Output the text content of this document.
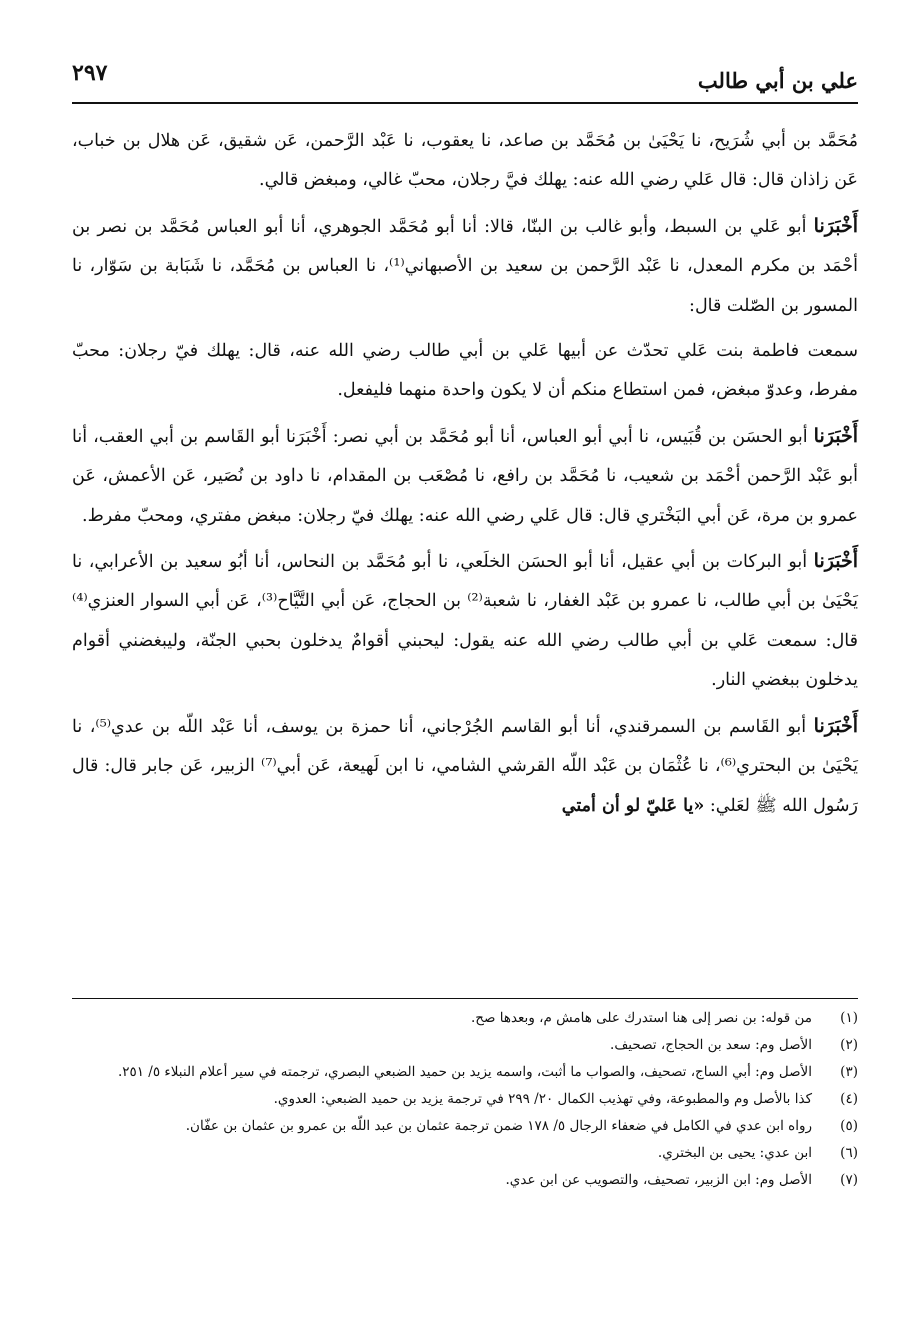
علي بن أبي طالب
٢٩٧

مُحَمَّد بن أبي شُرَيح، نا يَحْيَىٰ بن مُحَمَّد بن صاعد، نا يعقوب، نا عَبْد الرَّحمن، عَن شقيق، عَن هلال بن خباب، عَن زاذان قال: قال عَلي رضي الله عنه: يهلك فيَّ رجلان، محبّ غالي، ومبغض قالي.

أَخْبَرَنا أبو عَلي بن السبط، وأبو غالب بن البنّا، قالا: أنا أبو مُحَمَّد الجوهري، أنا أبو العباس مُحَمَّد بن نصر بن أحْمَد بن مكرم المعدل، نا عَبْد الرَّحمن بن سعيد بن الأصبهاني⁽¹⁾، نا العباس بن مُحَمَّد، نا شَبَابة بن سَوّار، نا المسور بن الصّلت قال:

سمعت فاطمة بنت عَلي تحدّث عن أبيها عَلي بن أبي طالب رضي الله عنه، قال: يهلك فيّ رجلان: محبّ مفرط، وعدوّ مبغض، فمن استطاع منكم أن لا يكون واحدة منهما فليفعل.

أَخْبَرَنا أبو الحسَن بن قُبَيس، نا أبي أبو العباس، أنا أبو مُحَمَّد بن أبي نصر: أَخْبَرَنا أبو القَاسم بن أبي العقب، أنا أبو عَبْد الرَّحمن أحْمَد بن شعيب، نا مُحَمَّد بن رافع، نا مُصْعَب بن المقدام، نا داود بن نُصَير، عَن الأعمش، عَن عمرو بن مرة، عَن أبي البَخْتري قال: قال عَلي رضي الله عنه: يهلك فيّ رجلان: مبغض مفتري، ومحبّ مفرط.

أَخْبَرَنا أبو البركات بن أبي عقيل، أنا أبو الحسَن الخلَعي، نا أبو مُحَمَّد بن النحاس، أنا أبُو سعيد بن الأعرابي، نا يَحْيَىٰ بن أبي طالب، نا عمرو بن عَبْد الغفار، نا شعبة⁽²⁾ بن الحجاج، عَن أبي التَّيَّاح⁽³⁾، عَن أبي السوار العنزي⁽⁴⁾ قال: سمعت عَلي بن أبي طالب رضي الله عنه يقول: ليحبني أقوامٌ يدخلون بحبي الجنّة، وليبغضني أقوام يدخلون ببغضي النار.

أَخْبَرَنا أبو القَاسم بن السمرقندي، أنا أبو القاسم الجُرْجاني، أنا حمزة بن يوسف، أنا عَبْد اللّه بن عدي⁽⁵⁾، نا يَحْيَىٰ بن البحتري⁽⁶⁾، نا عُثْمَان بن عَبْد اللّه القرشي الشامي، نا ابن لَهيعة، عَن أبي⁽⁷⁾ الزبير، عَن جابر قال: قال رَسُول الله ﷺ لعَلي: «يا عَليّ لو أن أمتي

(١)
من قوله: بن نصر إلى هنا استدرك على هامش م، وبعدها صح.
(٢)
الأصل وم: سعد بن الحجاج، تصحيف.
(٣)
الأصل وم: أبي الساج، تصحيف، والصواب ما أثبت، واسمه يزيد بن حميد الضبعي البصري، ترجمته في سير أعلام النبلاء ٥/ ٢٥١.
(٤)
كذا بالأصل وم والمطبوعة، وفي تهذيب الكمال ٢٠/ ٢٩٩ في ترجمة يزيد بن حميد الضبعي: العدوي.
(٥)
رواه ابن عدي في الكامل في ضعفاء الرجال ٥/ ١٧٨ ضمن ترجمة عثمان بن عبد اللّه بن عمرو بن عثمان بن عفّان.
(٦)
ابن عدي: يحيى بن البختري.
(٧)
الأصل وم: ابن الزبير، تصحيف، والتصويب عن ابن عدي.
